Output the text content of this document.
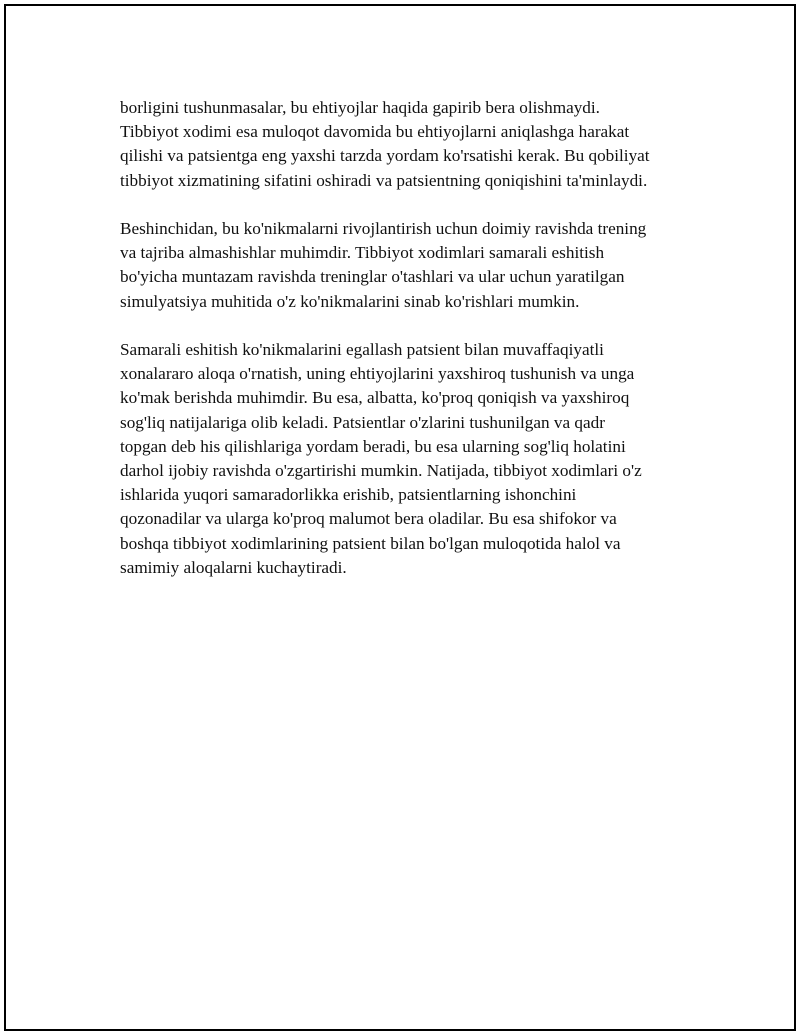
borligini tushunmasalar, bu ehtiyojlar haqida gapirib bera olishmaydi.
Tibbiyot xodimi esa muloqot davomida bu ehtiyojlarni aniqlashga harakat
qilishi va patsientga eng yaxshi tarzda yordam ko'rsatishi kerak. Bu qobiliyat
tibbiyot xizmatining sifatini oshiradi va patsientning qoniqishini ta'minlaydi.

Beshinchidan, bu ko'nikmalarni rivojlantirish uchun doimiy ravishda trening
va tajriba almashishlar muhimdir. Tibbiyot xodimlari samarali eshitish
bo'yicha muntazam ravishda treninglar o'tashlari va ular uchun yaratilgan
simulyatsiya muhitida o'z ko'nikmalarini sinab ko'rishlari mumkin.

Samarali eshitish ko'nikmalarini egallash patsient bilan muvaffaqiyatli
xonalararo aloqa o'rnatish, uning ehtiyojlarini yaxshiroq tushunish va unga
ko'mak berishda muhimdir. Bu esa, albatta, ko'proq qoniqish va yaxshiroq
sog'liq natijalariga olib keladi. Patsientlar o'zlarini tushunilgan va qadr
topgan deb his qilishlariga yordam beradi, bu esa ularning sog'liq holatini
darhol ijobiy ravishda o'zgartirishi mumkin. Natijada, tibbiyot xodimlari o'z
ishlarida yuqori samaradorlikka erishib, patsientlarning ishonchini
qozonadilar va ularga ko'proq malumot bera oladilar. Bu esa shifokor va
boshqa tibbiyot xodimlarining patsient bilan bo'lgan muloqotida halol va
samimiy aloqalarni kuchaytiradi.
